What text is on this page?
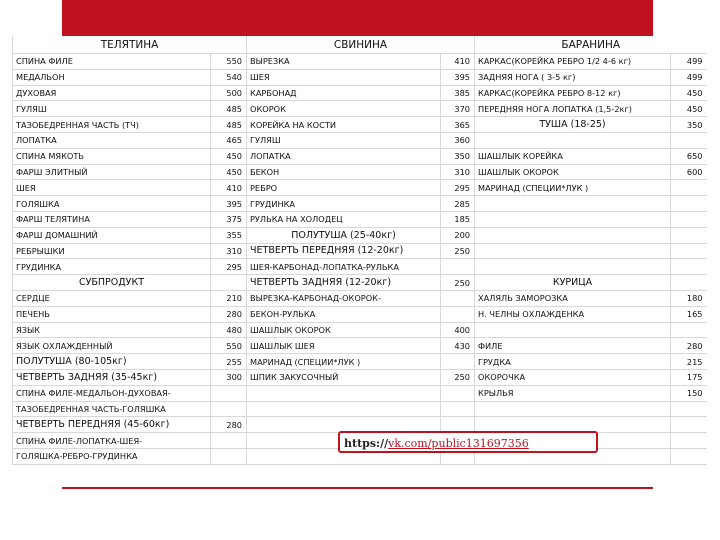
ТЕЛЯТИНА		СВИНИНА		БАРАНИНА	
СПИНА ФИЛЕ	550	ВЫРЕЗКА	410	КАРКАС(КОРЕЙКА РЕБРО 1/2 4-6 кг)	499
МЕДАЛЬОН	540	ШЕЯ	395	ЗАДНЯЯ НОГА ( 3-5 кг)	499
ДУХОВАЯ	500	КАРБОНАД	385	КАРКАС(КОРЕЙКА РЕБРО 8-12 кг)	450
ГУЛЯШ	485	ОКОРОК	370	ПЕРЕДНЯЯ НОГА ЛОПАТКА (1,5-2кг)	450
ТАЗОБЕДРЕННАЯ ЧАСТЬ (ТЧ)	485	КОРЕЙКА НА КОСТИ	365	ТУША (18-25)	350
ЛОПАТКА	465	ГУЛЯШ	360		
СПИНА МЯКОТЬ	450	ЛОПАТКА	350	ШАШЛЫК КОРЕЙКА	650
ФАРШ ЭЛИТНЫЙ	450	БЕКОН	310	ШАШЛЫК ОКОРОК	600
ШЕЯ	410	РЕБРО	295	МАРИНАД (СПЕЦИИ*ЛУК )	
ГОЛЯШКА	395	ГРУДИНКА	285		
ФАРШ ТЕЛЯТИНА	375	РУЛЬКА НА ХОЛОДЕЦ	185		
ФАРШ ДОМАШНИЙ	355	ПОЛУТУША (25-40кг)	200		
РЕБРЫШКИ	310	ЧЕТВЕРТЬ ПЕРЕДНЯЯ (12-20кг)	250		
ГРУДИНКА	295	ШЕЯ-КАРБОНАД-ЛОПАТКА-РУЛЬКА			
СУБПРОДУКТ		ЧЕТВЕРТЬ ЗАДНЯЯ (12-20кг)	250	КУРИЦА	
СЕРДЦЕ	210	ВЫРЕЗКА-КАРБОНАД-ОКОРОК-		ХАЛЯЛЬ ЗАМОРОЗКА	180
ПЕЧЕНЬ	280	БЕКОН-РУЛЬКА		Н. ЧЕЛНЫ ОХЛАЖДЕНКА	165
ЯЗЫК	480	ШАШЛЫК ОКОРОК	400		
ЯЗЫК ОХЛАЖДЕННЫЙ	550	ШАШЛЫК ШЕЯ	430	ФИЛЕ	280
ПОЛУТУША (80-105кг)	255	МАРИНАД (СПЕЦИИ*ЛУК )		ГРУДКА	215
ЧЕТВЕРТЬ ЗАДНЯЯ (35-45кг)	300	ШПИК ЗАКУСОЧНЫЙ	250	ОКОРОЧКА	175
СПИНА ФИЛЕ-МЕДАЛЬОН-ДУХОВАЯ-				КРЫЛЬЯ	150
ТАЗОБЕДРЕННАЯ ЧАСТЬ-ГОЛЯШКА					
ЧЕТВЕРТЬ ПЕРЕДНЯЯ (45-60кг)	280				
СПИНА ФИЛЕ-ЛОПАТКА-ШЕЯ-					
ГОЛЯШКА-РЕБРО-ГРУДИНКА					
https://vk.com/public131697356
